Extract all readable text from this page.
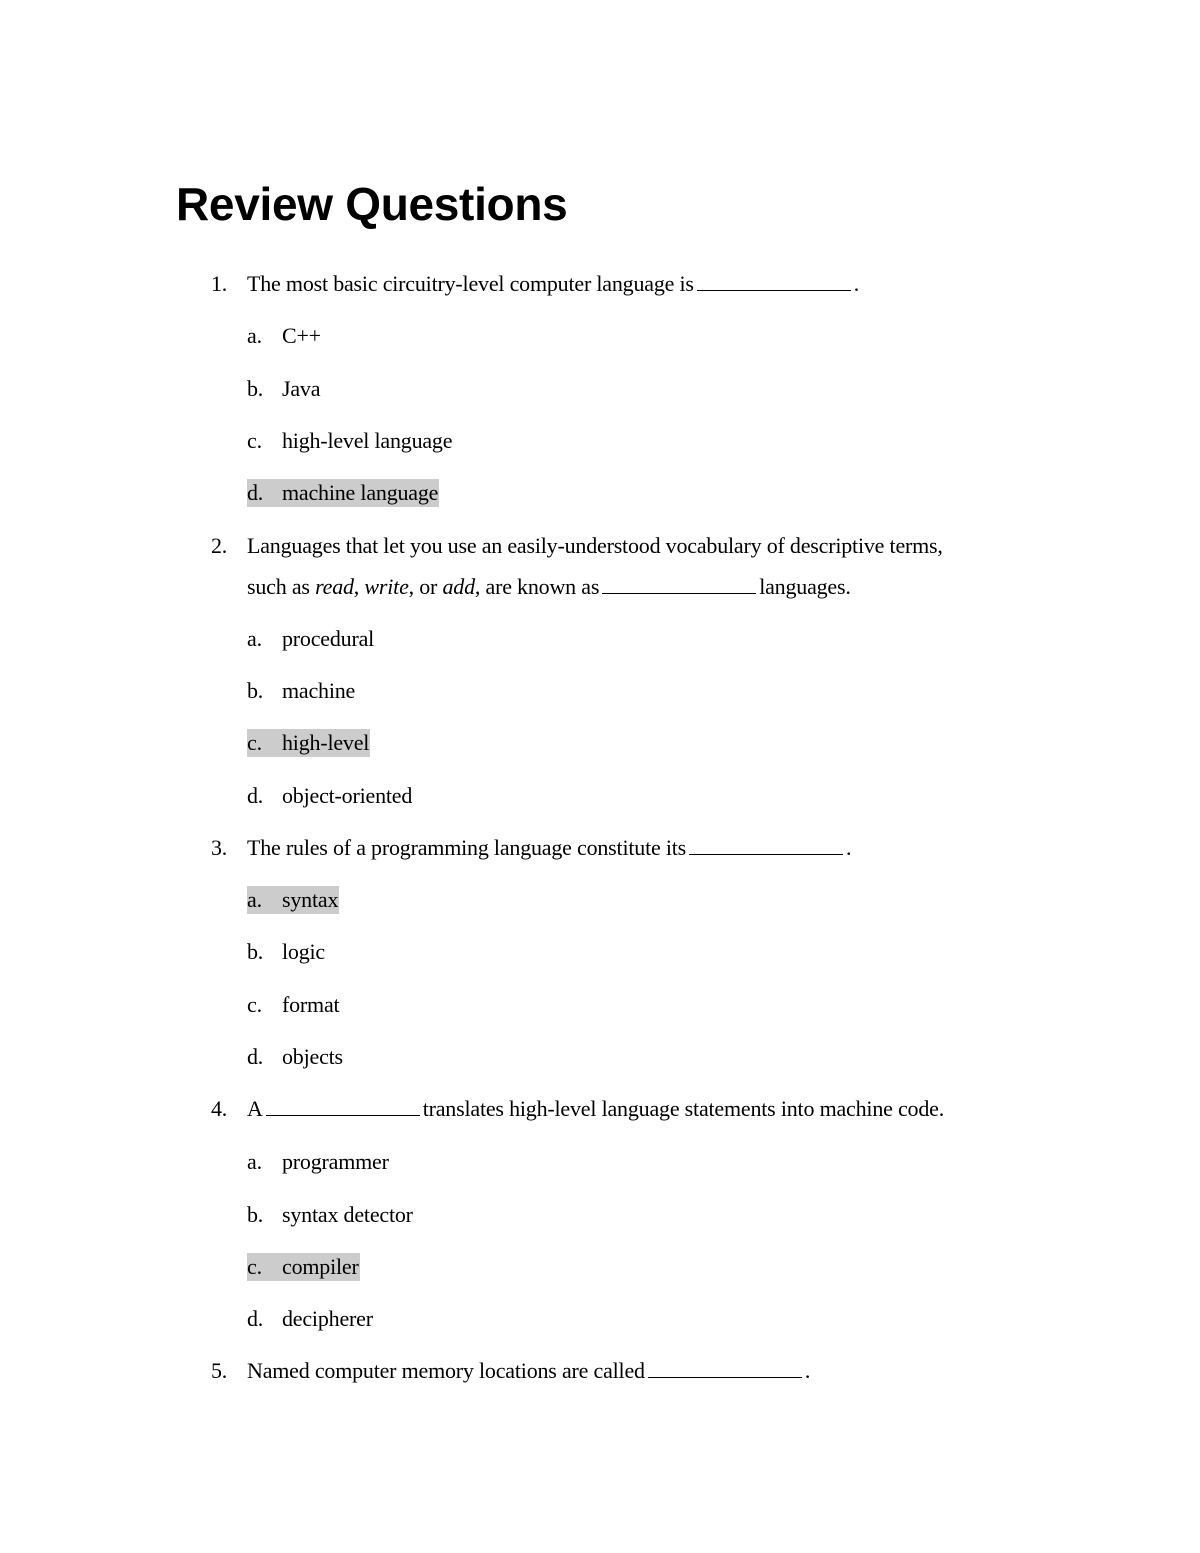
Review Questions
1. The most basic circuitry-level computer language is	.
a. C++
b. Java
c. high-level language
d. machine language
2. Languages that let you use an easily-understood vocabulary of descriptive terms,
such as read, write, or add, are known as	languages.
a. procedural
b. machine
c. high-level
d. object-oriented
3. The rules of a programming language constitute its	.
a. syntax
b. logic
c. format
d. objects
4. A	translates high-level language statements into machine code.
a. programmer
b. syntax detector
c. compiler
d. decipherer
5. Named computer memory locations are called	.
